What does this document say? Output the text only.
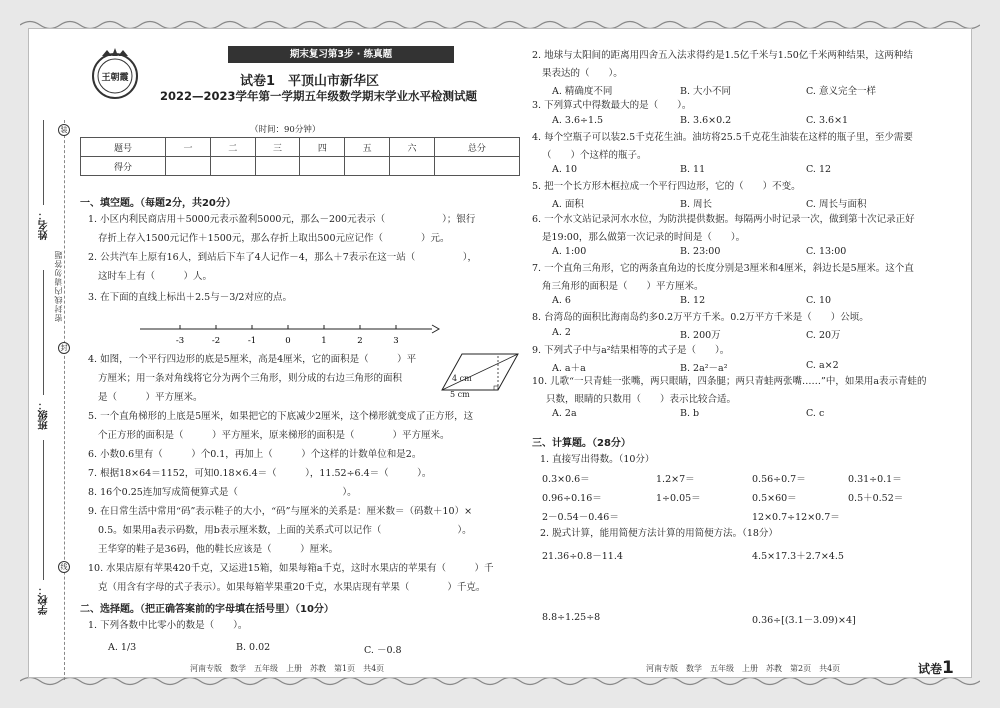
姓名：
班级：
学校：
密封线内请勿答题
装
封
线
王朝霞
期末复习第3步 · 练真题
试卷1　平顶山市新华区
2022—2023学年第一学期五年级数学期末学业水平检测试题
（时间：90分钟）
题号	一	二	三	四	五	六	总分
得分							
一、填空题。（每题2分，共20分）
1. 小区内利民商店用＋5000元表示盈利5000元，那么－200元表示（　　　　　　）；银行
存折上存入1500元记作＋1500元，那么存折上取出500元应记作（　　　　）元。
2. 公共汽车上原有16人，到站后下车了4人记作－4，那么＋7表示在这一站（　　　　　），
这时车上有（　　　）人。
3. 在下面的直线上标出＋2.5与－3/2对应的点。
-3	-2	-1	0	1	2	3
4. 如图，一个平行四边形的底是5厘米，高是4厘米，它的面积是（　　　）平
方厘米；用一条对角线将它分为两个三角形，则分成的右边三角形的面积
是（　　　）平方厘米。
4 cm
5 cm
5. 一个直角梯形的上底是5厘米，如果把它的下底减少2厘米，这个梯形就变成了正方形，这
个正方形的面积是（　　　）平方厘米，原来梯形的面积是（　　　　）平方厘米。
6. 小数0.6里有（　　　）个0.1，再加上（　　　）个这样的计数单位和是2。
7. 根据18×64＝1152，可知0.18×6.4＝（　　　），11.52÷6.4＝（　　　）。
8. 16个0.25连加写成简便算式是（　　　　　　　　　　　）。
9. 在日常生活中常用“码”表示鞋子的大小，“码”与厘米的关系是：厘米数＝（码数＋10）×
0.5。如果用a表示码数，用b表示厘米数，上面的关系式可以记作（　　　　　　　　）。
王华穿的鞋子是36码，他的鞋长应该是（　　　）厘米。
10. 水果店原有苹果420千克，又运进15箱，如果每箱a千克，这时水果店的苹果有（　　　）千
克（用含有字母的式子表示）。如果每箱苹果重20千克，水果店现有苹果（　　　　）千克。
二、选择题。（把正确答案前的字母填在括号里）（10分）
1. 下列各数中比零小的数是（　　）。
A. 1/3	B. 0.02	C. －0.8
2. 地球与太阳间的距离用四舍五入法求得约是1.5亿千米与1.50亿千米两种结果，这两种结
果表达的（　　）。
A. 精确度不同	B. 大小不同	C. 意义完全一样
3. 下列算式中得数最大的是（　　）。
A. 3.6÷1.5	B. 3.6×0.2	C. 3.6×1
4. 每个空瓶子可以装2.5千克花生油。油坊将25.5千克花生油装在这样的瓶子里，至少需要
（　　）个这样的瓶子。
A. 10	B. 11	C. 12
5. 把一个长方形木框拉成一个平行四边形，它的（　　）不变。
A. 面积	B. 周长	C. 周长与面积
6. 一个水文站记录河水水位，为防洪提供数据。每隔两小时记录一次，做到第十次记录正好
是19:00，那么做第一次记录的时间是（　　）。
A. 1:00	B. 23:00	C. 13:00
7. 一个直角三角形，它的两条直角边的长度分别是3厘米和4厘米，斜边长是5厘米。这个直
角三角形的面积是（　　）平方厘米。
A. 6	B. 12	C. 10
8. 台湾岛的面积比海南岛约多0.2万平方千米。0.2万平方千米是（　　）公顷。
A. 2	B. 200万	C. 20万
9. 下列式子中与a²结果相等的式子是（　　）。
A. a＋a	B. 2a²－a²	C. a×2
10. 儿歌“一只青蛙一张嘴，两只眼睛，四条腿；两只青蛙两张嘴……”中，如果用a表示青蛙的
只数，眼睛的只数用（　　）表示比较合适。
A. 2a	B. b	C. c
三、计算题。（28分）
1. 直接写出得数。（10分）
0.3×0.6＝	1.2×7＝	0.56÷0.7＝	0.31÷0.1＝
0.96÷0.16＝	1÷0.05＝	0.5×60＝	0.5＋0.52＝
2－0.54－0.46＝	12×0.7÷12×0.7＝
2. 脱式计算，能用简便方法计算的用简便方法。（18分）
21.36÷0.8－11.4	4.5×17.3＋2.7×4.5
8.8÷1.25÷8	0.36÷[(3.1－3.09)×4]
河南专版　数学　五年级　上册　苏教　第1页　共4页	河南专版　数学　五年级　上册　苏教　第2页　共4页	试卷1
